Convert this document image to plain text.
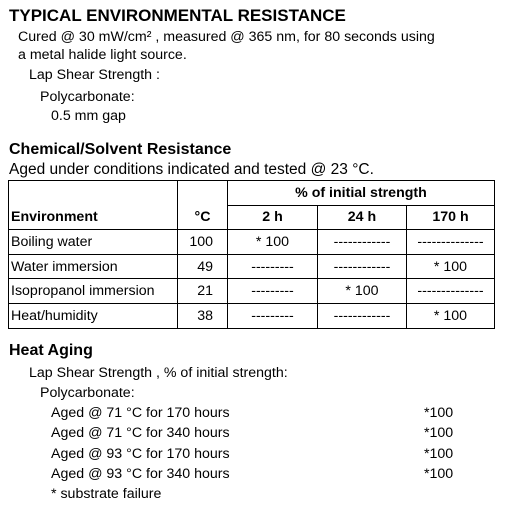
TYPICAL ENVIRONMENTAL RESISTANCE
Cured @ 30 mW/cm² , measured @ 365 nm, for 80 seconds using
a metal halide light source.
Lap Shear Strength :
Polycarbonate:
0.5 mm gap
Chemical/Solvent Resistance
Aged under conditions indicated and tested @ 23 °C.
		% of initial strength		
Environment	°C	2 h	24 h	170 h
Boiling water	100	* 100	------------	--------------
Water immersion	49	---------	------------	* 100
Isopropanol immersion	21	---------	* 100	--------------
Heat/humidity	38	---------	------------	* 100
Heat Aging
Lap Shear Strength , % of initial strength:
Polycarbonate:
Aged @ 71 °C for 170 hours	*100
Aged @ 71 °C for 340 hours	*100
Aged @ 93 °C for 170 hours	*100
Aged @ 93 °C for 340 hours	*100
* substrate failure
